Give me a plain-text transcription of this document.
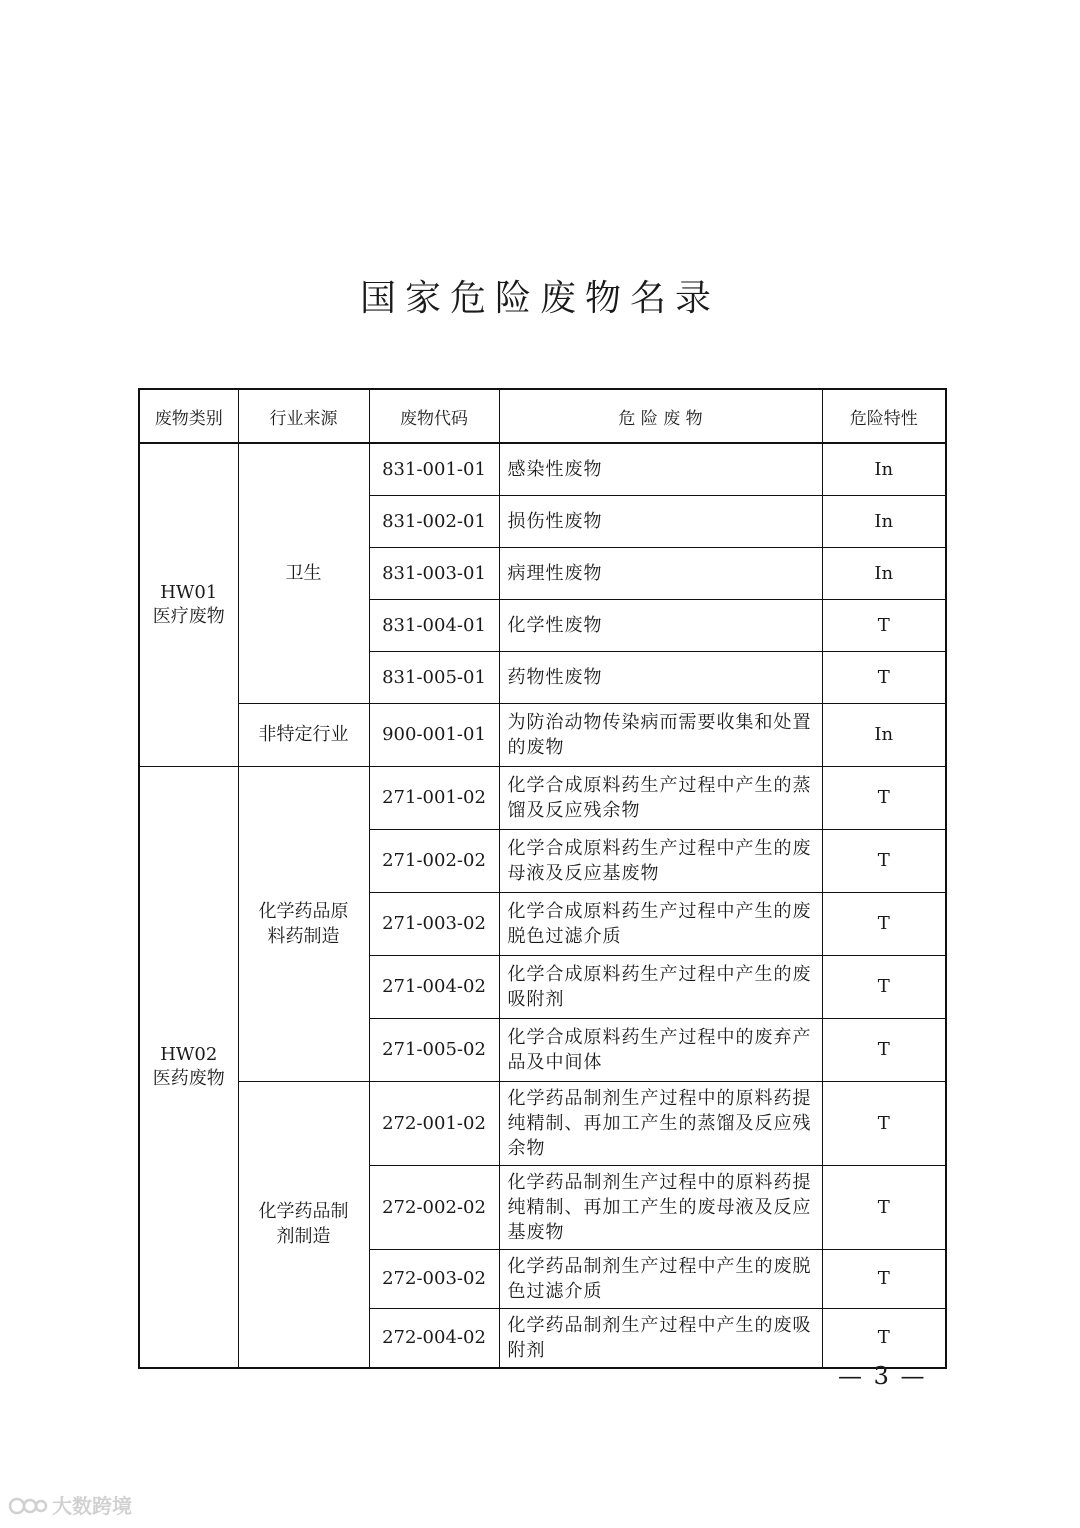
国家危险废物名录
废物类别	行业来源	废物代码	危 险 废 物	危险特性

HW01
医疗废物	卫生	831-001-01	感染性废物	In
		831-002-01	损伤性废物	In
		831-003-01	病理性废物	In
		831-004-01	化学性废物	T
		831-005-01	药物性废物	T
	非特定行业	900-001-01	为防治动物传染病而需要收集和处置的废物	In

HW02
医药废物	化学药品原料药制造	271-001-02	化学合成原料药生产过程中产生的蒸馏及反应残余物	T
		271-002-02	化学合成原料药生产过程中产生的废母液及反应基废物	T
		271-003-02	化学合成原料药生产过程中产生的废脱色过滤介质	T
		271-004-02	化学合成原料药生产过程中产生的废吸附剂	T
		271-005-02	化学合成原料药生产过程中的废弃产品及中间体	T

	化学药品制剂制造	272-001-02	化学药品制剂生产过程中的原料药提纯精制、再加工产生的蒸馏及反应残余物	T
		272-002-02	化学药品制剂生产过程中的原料药提纯精制、再加工产生的废母液及反应基废物	T
		272-003-02	化学药品制剂生产过程中产生的废脱色过滤介质	T
		272-004-02	化学药品制剂生产过程中产生的废吸附剂	T
— 3 —
大数跨境
